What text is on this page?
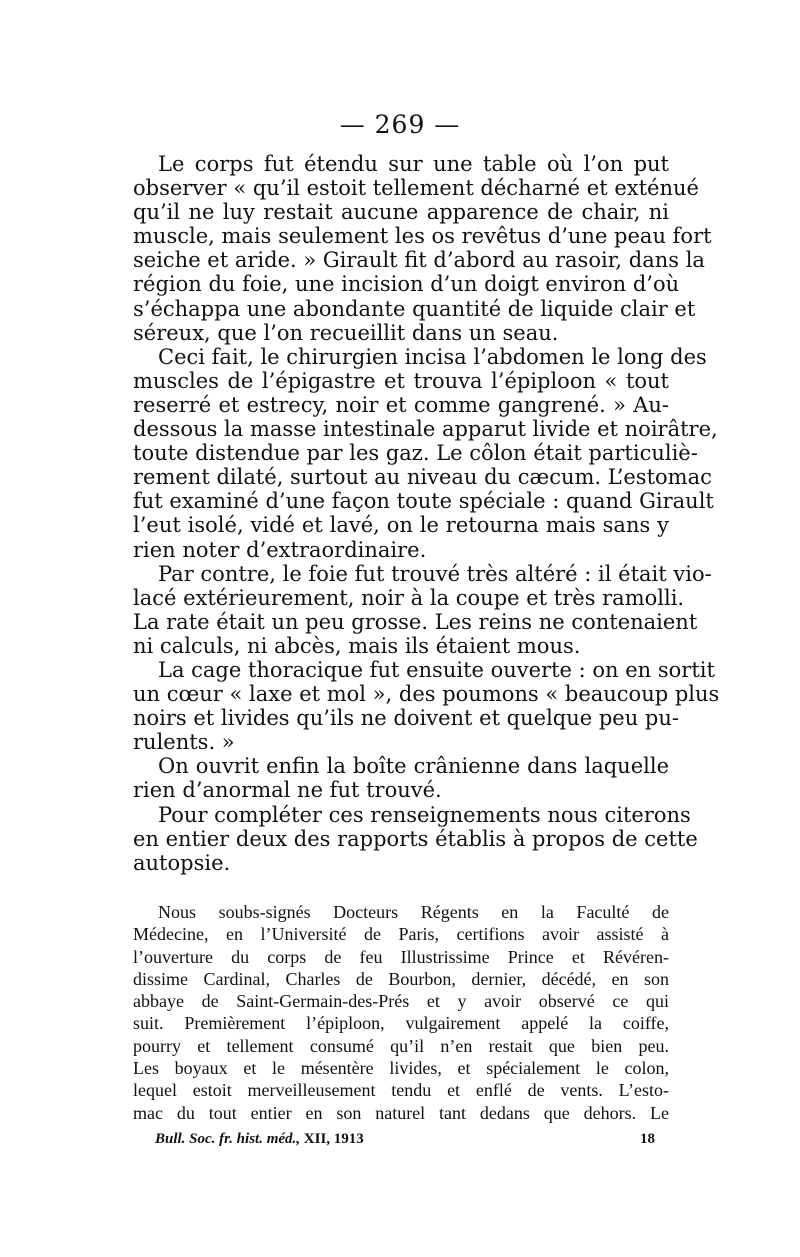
— 269 —
Le corps fut étendu sur une table où l’on put
observer « qu’il estoit tellement décharné et exténué
qu’il ne luy restait aucune apparence de chair, ni
muscle, mais seulement les os revêtus d’une peau fort
seiche et aride. » Girault fit d’abord au rasoir, dans la
région du foie, une incision d’un doigt environ d’où
s’échappa une abondante quantité de liquide clair et
séreux, que l’on recueillit dans un seau.
Ceci fait, le chirurgien incisa l’abdomen le long des
muscles de l’épigastre et trouva l’épiploon « tout
reserré et estrecy, noir et comme gangrené. » Au-
dessous la masse intestinale apparut livide et noirâtre,
toute distendue par les gaz. Le côlon était particuliè-
rement dilaté, surtout au niveau du cæcum. L’estomac
fut examiné d’une façon toute spéciale : quand Girault
l’eut isolé, vidé et lavé, on le retourna mais sans y
rien noter d’extraordinaire.
Par contre, le foie fut trouvé très altéré : il était vio-
lacé extérieurement, noir à la coupe et très ramolli.
La rate était un peu grosse. Les reins ne contenaient
ni calculs, ni abcès, mais ils étaient mous.
La cage thoracique fut ensuite ouverte : on en sortit
un cœur « laxe et mol », des poumons « beaucoup plus
noirs et livides qu’ils ne doivent et quelque peu pu-
rulents. »
On ouvrit enfin la boîte crânienne dans laquelle
rien d’anormal ne fut trouvé.
Pour compléter ces renseignements nous citerons
en entier deux des rapports établis à propos de cette
autopsie.
Nous soubs-signés Docteurs Régents en la Faculté de
Médecine, en l’Université de Paris, certifions avoir assisté à
l’ouverture du corps de feu Illustrissime Prince et Révéren-
dissime Cardinal, Charles de Bourbon, dernier, décédé, en son
abbaye de Saint-Germain-des-Prés et y avoir observé ce qui
suit. Premièrement l’épiploon, vulgairement appelé la coiffe,
pourry et tellement consumé qu’il n’en restait que bien peu.
Les boyaux et le mésentère livides, et spécialement le colon,
lequel estoit merveilleusement tendu et enflé de vents. L’esto-
mac du tout entier en son naturel tant dedans que dehors. Le
Bull. Soc. fr. hist. méd., XII, 1913	18
